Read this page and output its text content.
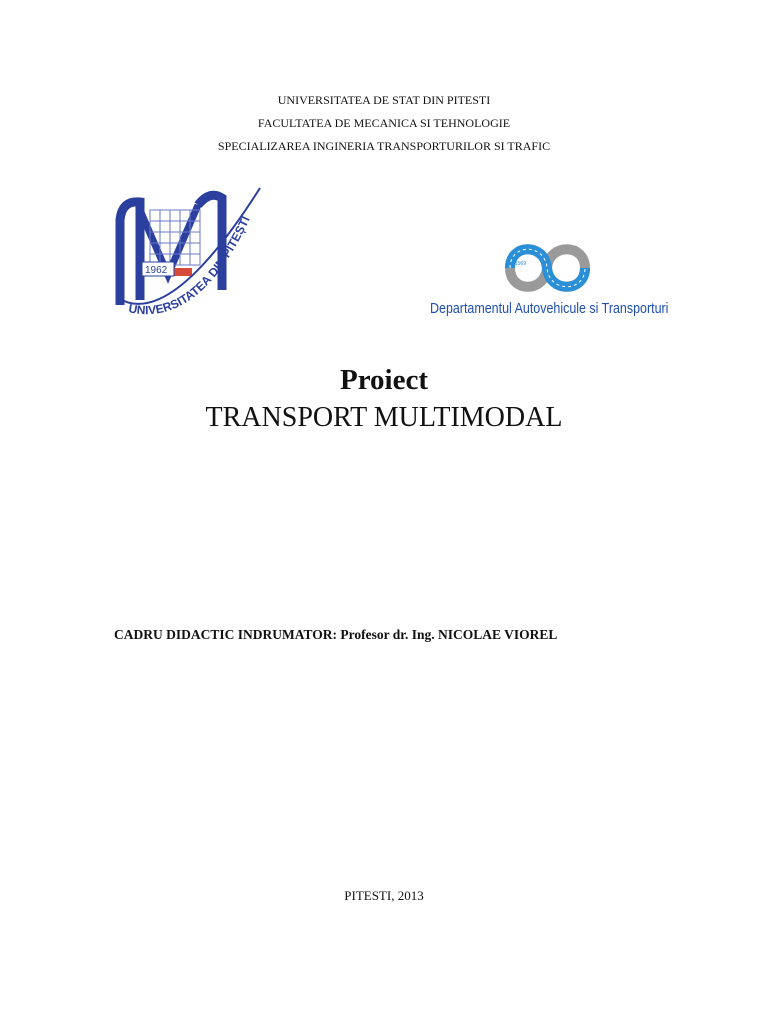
UNIVERSITATEA DE STAT DIN PITESTI
FACULTATEA DE MECANICA SI TEHNOLOGIE
SPECIALIZAREA INGINERIA TRANSPORTURILOR SI TRAFIC
1962
UNIVERSITATEA DIN PITEȘTI
1969
Departamentul Autovehicule si Transporturi
Proiect
TRANSPORT MULTIMODAL
CADRU DIDACTIC INDRUMATOR: Profesor dr. Ing. NICOLAE VIOREL
PITESTI, 2013
